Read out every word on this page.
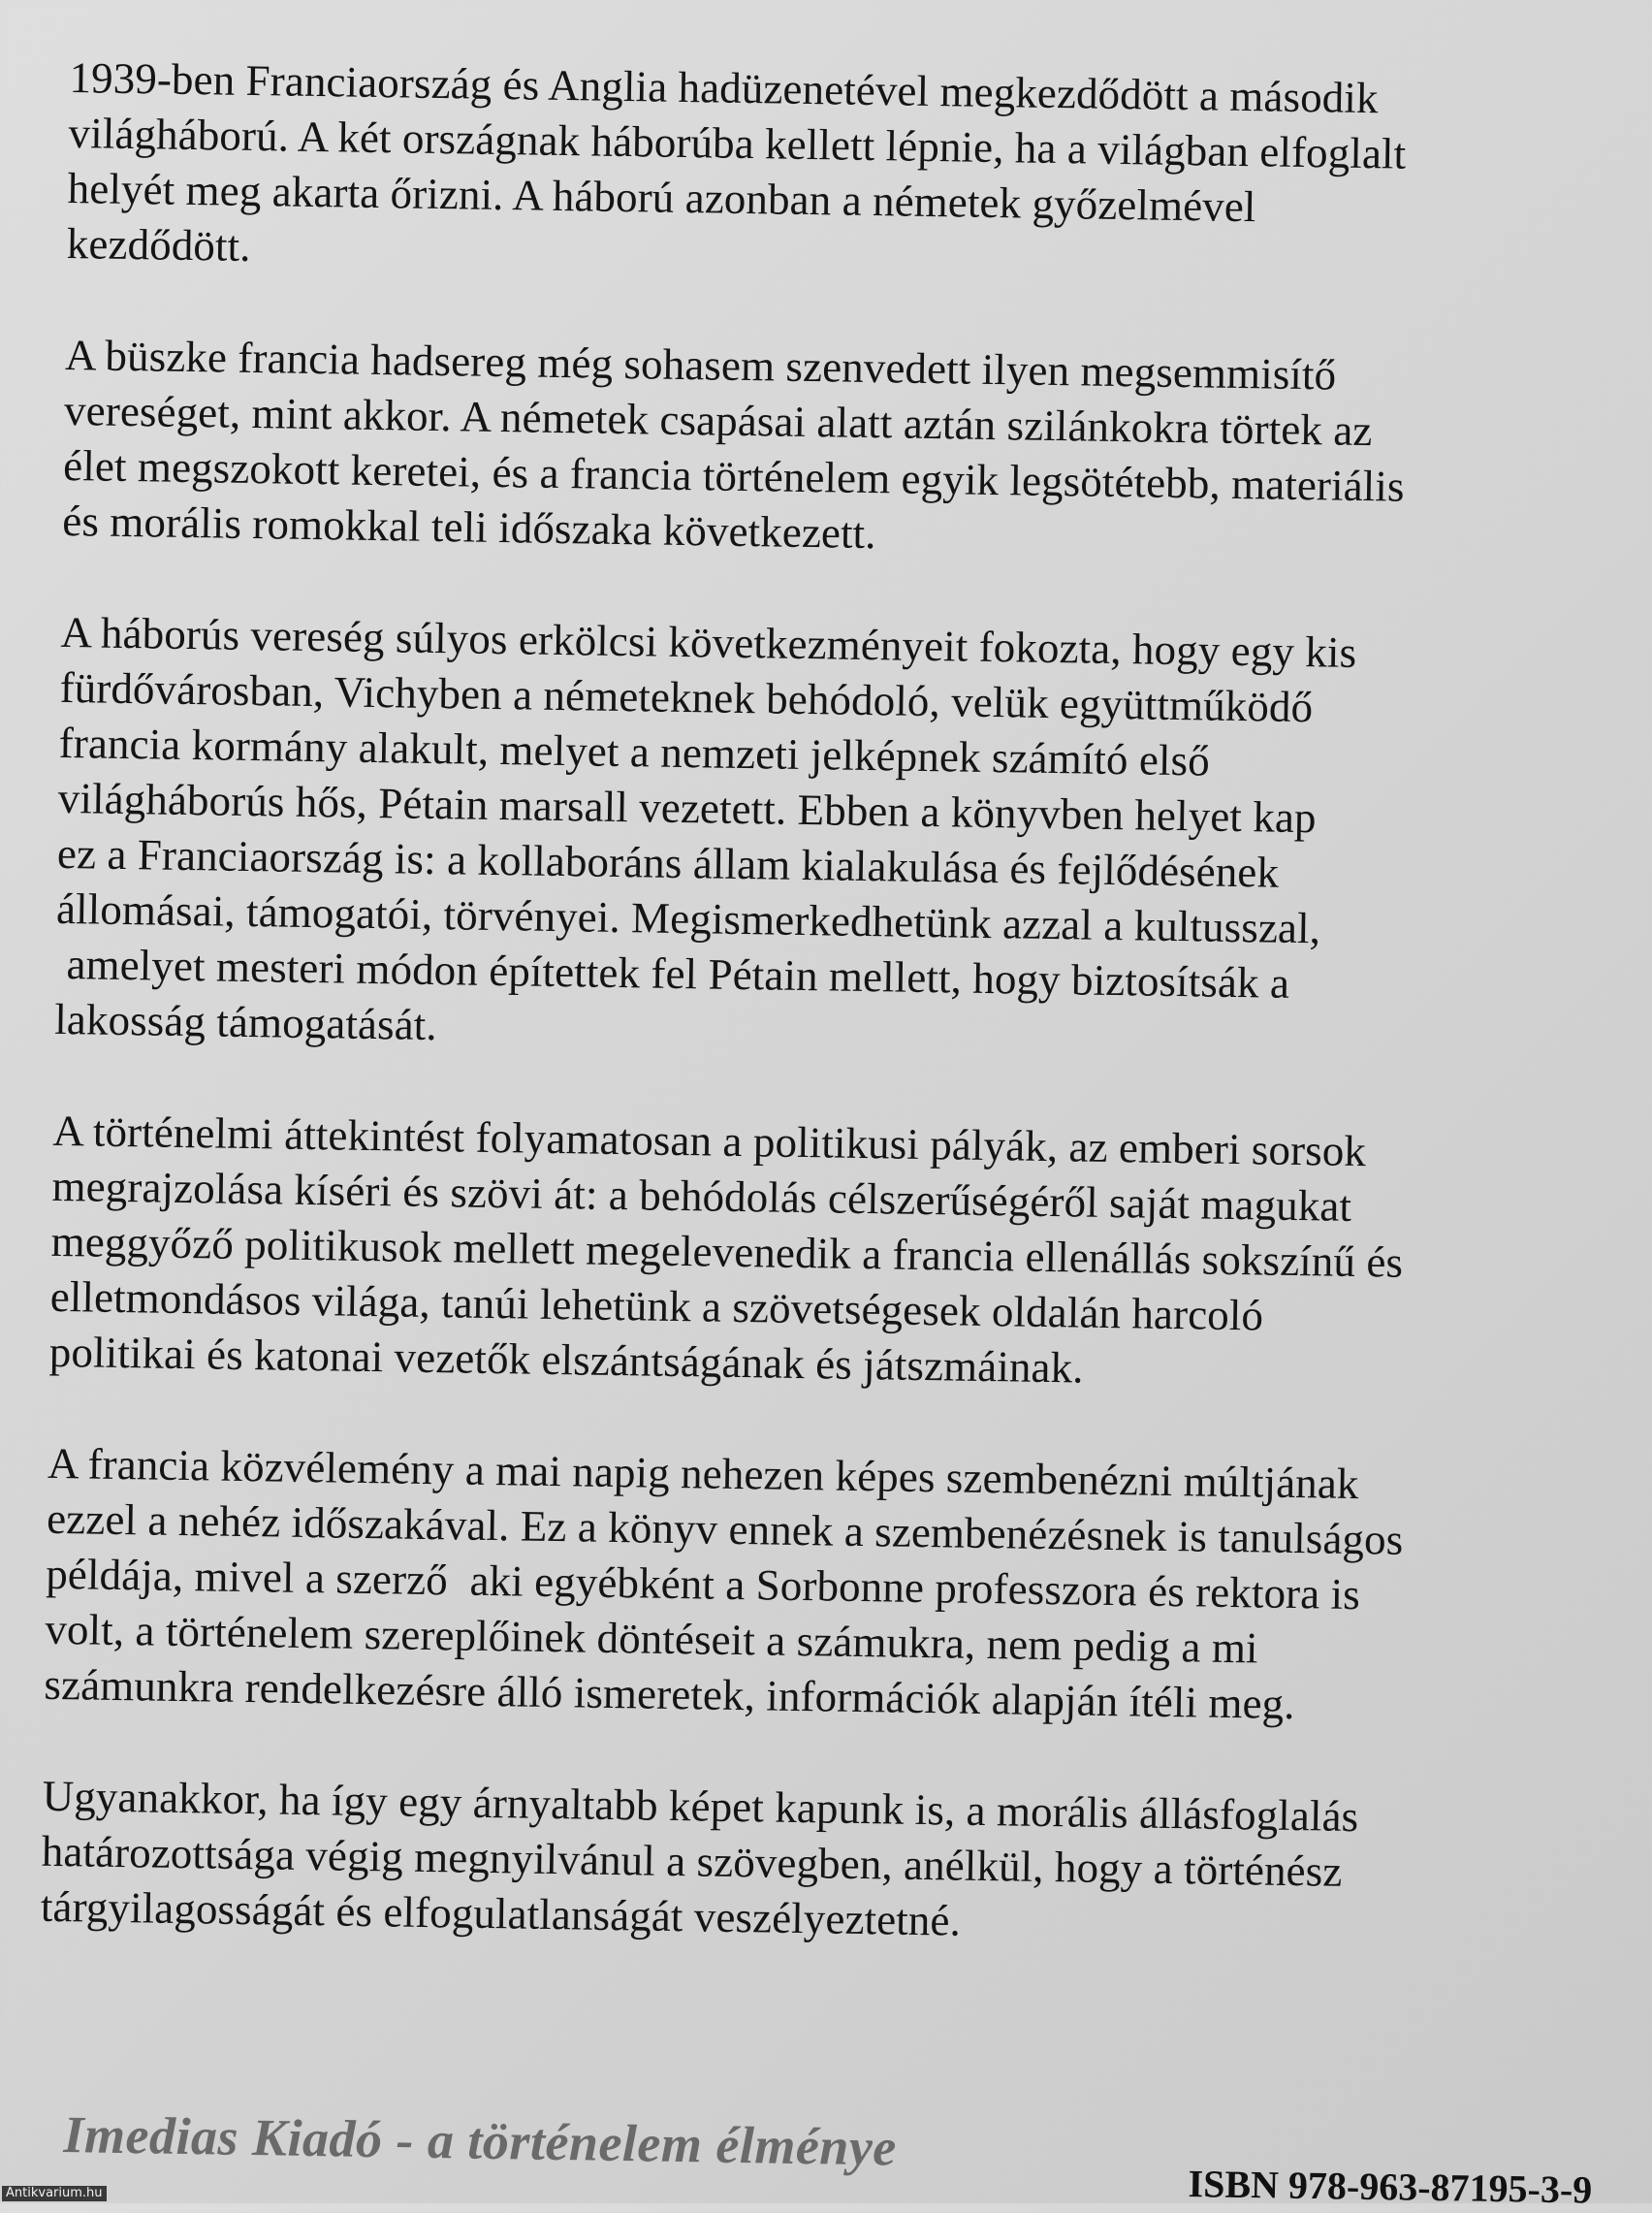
1939-ben Franciaország és Anglia hadüzenetével megkezdődött a második
világháború. A két országnak háborúba kellett lépnie, ha a világban elfoglalt
helyét meg akarta őrizni. A háború azonban a németek győzelmével
kezdődött.

A büszke francia hadsereg még sohasem szenvedett ilyen megsemmisítő
vereséget, mint akkor. A németek csapásai alatt aztán szilánkokra törtek az
élet megszokott keretei, és a francia történelem egyik legsötétebb, materiális
és morális romokkal teli időszaka következett.

A háborús vereség súlyos erkölcsi következményeit fokozta, hogy egy kis
fürdővárosban, Vichyben a németeknek behódoló, velük együttműködő
francia kormány alakult, melyet a nemzeti jelképnek számító első
világháborús hős, Pétain marsall vezetett. Ebben a könyvben helyet kap
ez a Franciaország is: a kollaboráns állam kialakulása és fejlődésének
állomásai, támogatói, törvényei. Megismerkedhetünk azzal a kultusszal,
amelyet mesteri módon építettek fel Pétain mellett, hogy biztosítsák a
lakosság támogatását.

A történelmi áttekintést folyamatosan a politikusi pályák, az emberi sorsok
megrajzolása kíséri és szövi át: a behódolás célszerűségéről saját magukat
meggyőző politikusok mellett megelevenedik a francia ellenállás sokszínű és
elletmondásos világa, tanúi lehetünk a szövetségesek oldalán harcoló
politikai és katonai vezetők elszántságának és játszmáinak.

A francia közvélemény a mai napig nehezen képes szembenézni múltjának
ezzel a nehéz időszakával. Ez a könyv ennek a szembenézésnek is tanulságos
példája, mivel a szerző  aki egyébként a Sorbonne professzora és rektora is
volt, a történelem szereplőinek döntéseit a számukra, nem pedig a mi
számunkra rendelkezésre álló ismeretek, információk alapján ítéli meg.

Ugyanakkor, ha így egy árnyaltabb képet kapunk is, a morális állásfoglalás
határozottsága végig megnyilvánul a szövegben, anélkül, hogy a történész
tárgyilagosságát és elfogulatlanságát veszélyeztetné.

Imedias Kiadó - a történelem élménye
ISBN 978-963-87195-3-9
Antikvarium.hu
